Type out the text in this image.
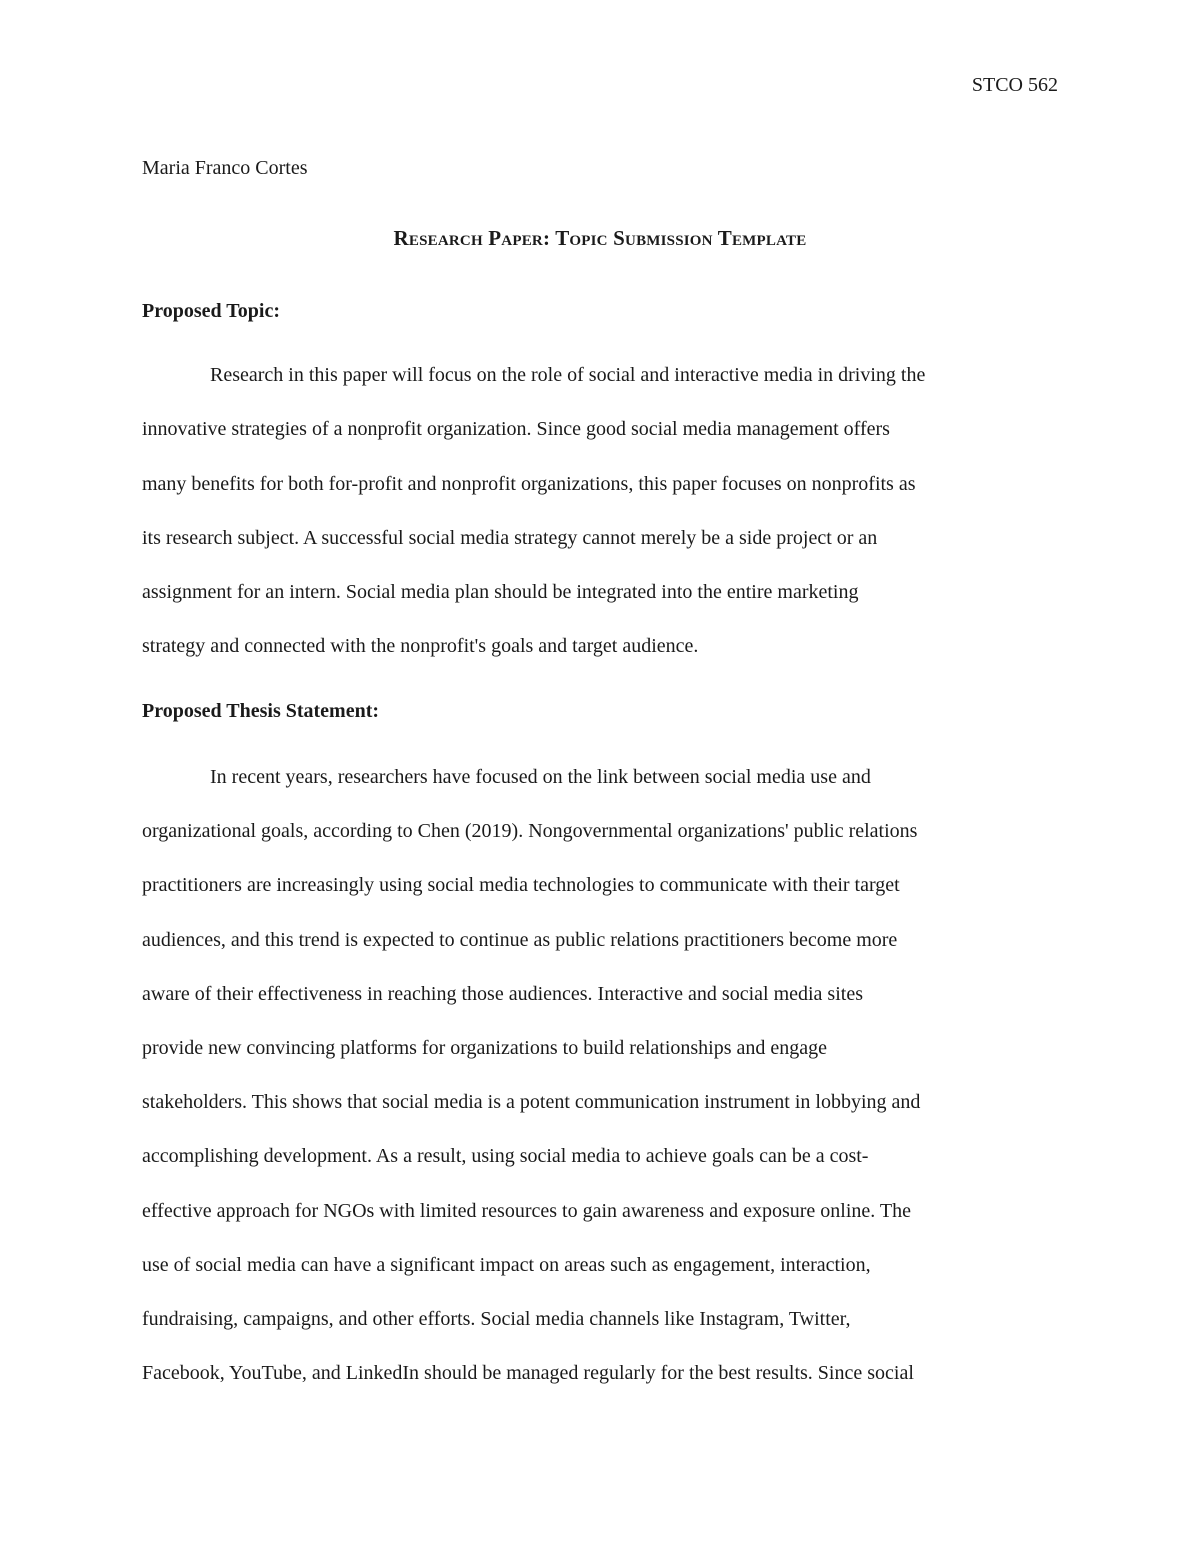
STCO 562
Maria Franco Cortes
Research Paper: Topic Submission Template
Proposed Topic:
Research in this paper will focus on the role of social and interactive media in driving the
innovative strategies of a nonprofit organization. Since good social media management offers
many benefits for both for-profit and nonprofit organizations, this paper focuses on nonprofits as
its research subject. A successful social media strategy cannot merely be a side project or an
assignment for an intern. Social media plan should be integrated into the entire marketing
strategy and connected with the nonprofit's goals and target audience.
Proposed Thesis Statement:
In recent years, researchers have focused on the link between social media use and
organizational goals, according to Chen (2019). Nongovernmental organizations' public relations
practitioners are increasingly using social media technologies to communicate with their target
audiences, and this trend is expected to continue as public relations practitioners become more
aware of their effectiveness in reaching those audiences. Interactive and social media sites
provide new convincing platforms for organizations to build relationships and engage
stakeholders. This shows that social media is a potent communication instrument in lobbying and
accomplishing development. As a result, using social media to achieve goals can be a cost-
effective approach for NGOs with limited resources to gain awareness and exposure online. The
use of social media can have a significant impact on areas such as engagement, interaction,
fundraising, campaigns, and other efforts. Social media channels like Instagram, Twitter,
Facebook, YouTube, and LinkedIn should be managed regularly for the best results. Since social
